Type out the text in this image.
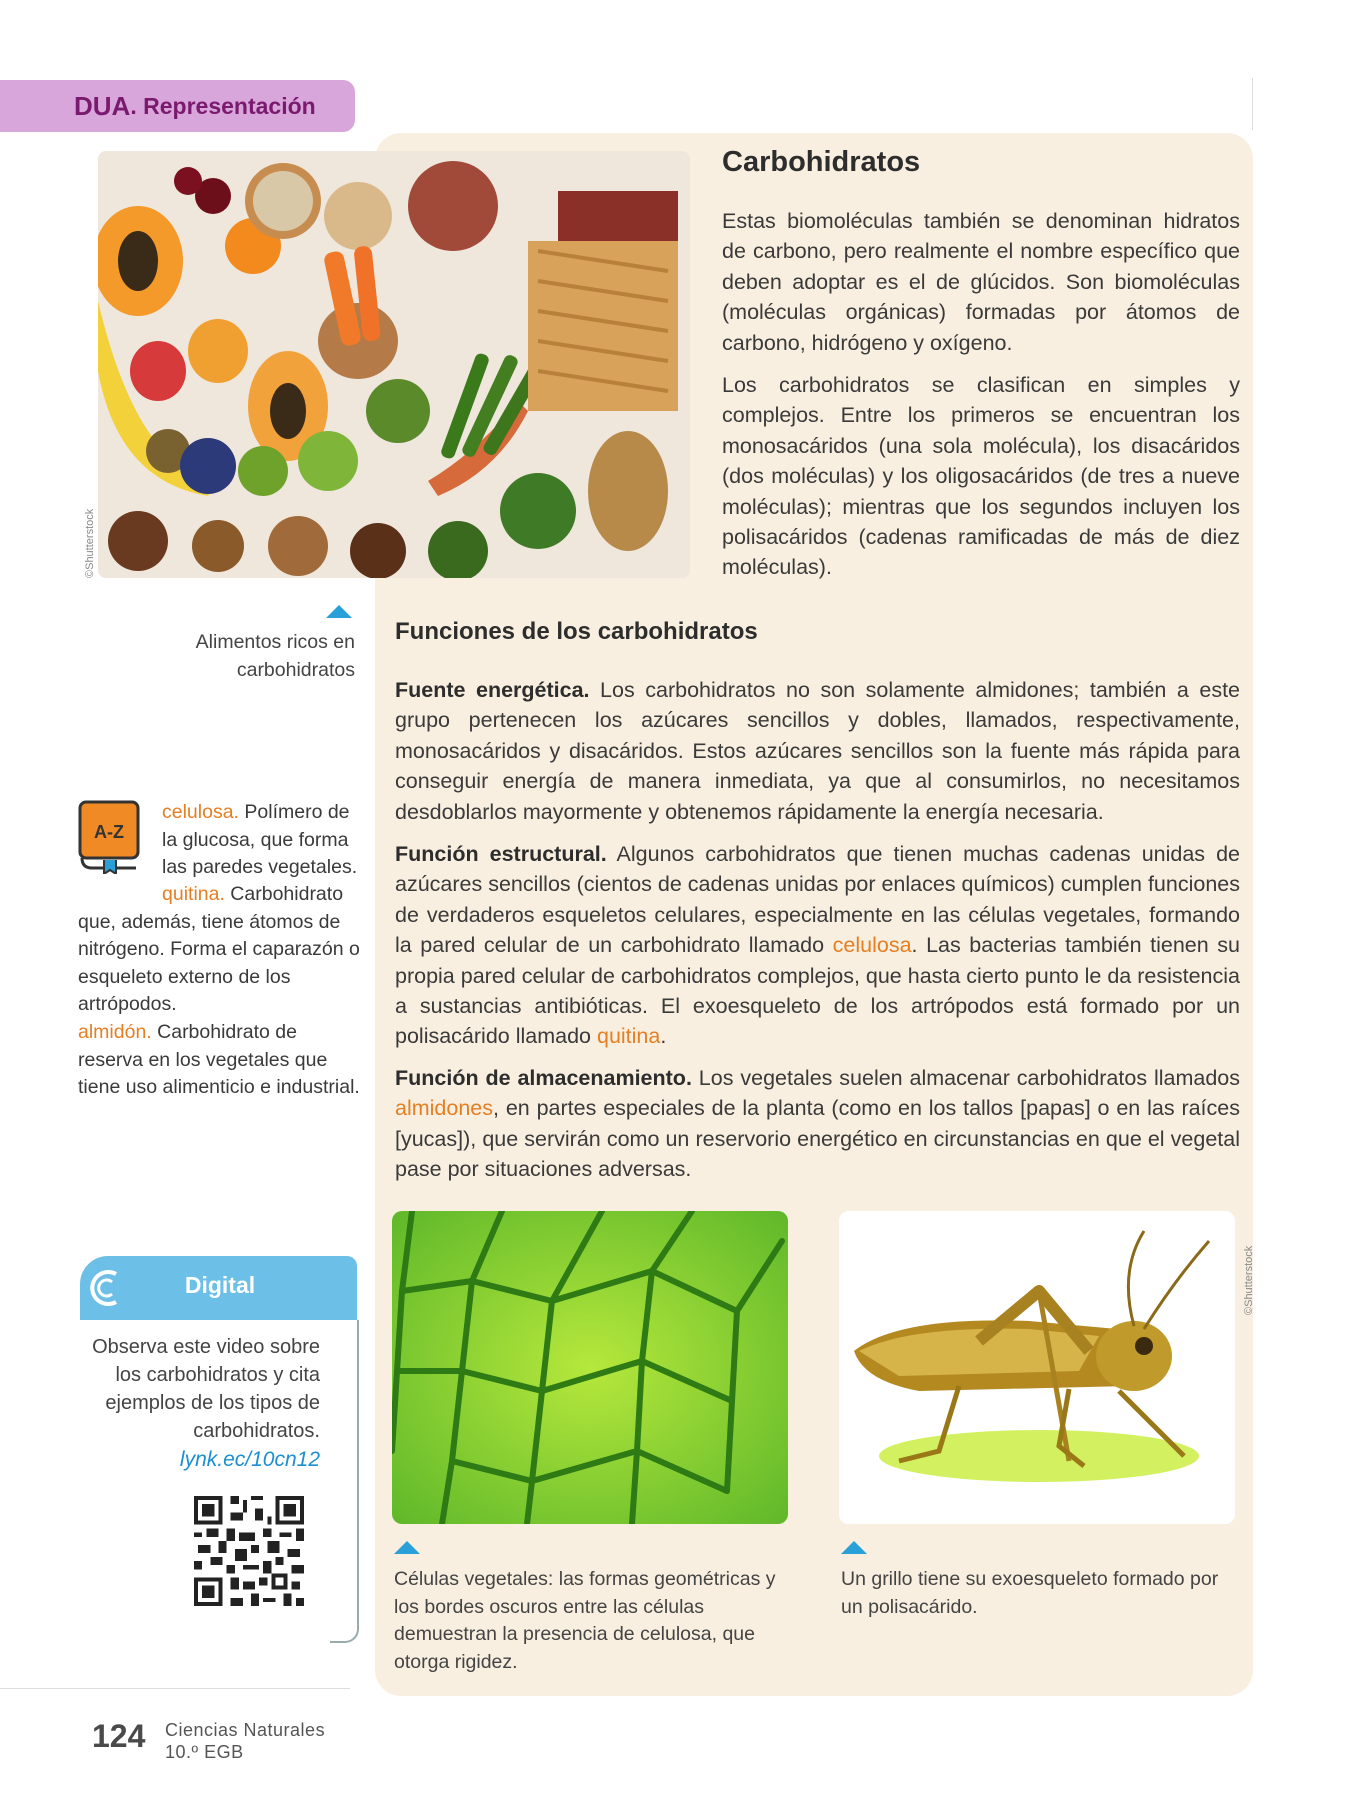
DUA . Representación
©Shutterstock
Alimentos ricos en
carbohidratos
Carbohidratos

Estas biomoléculas también se denominan hidratos de carbono, pero realmente el nombre específico que deben adoptar es el de glúcidos. Son biomoléculas (moléculas orgánicas) formadas por átomos de carbono, hidrógeno y oxígeno.

Los carbohidratos se clasifican en simples y complejos. Entre los primeros se encuentran los monosacáridos (una sola molécula), los disacáridos (dos moléculas) y los oligosacáridos (de tres a nueve moléculas); mientras que los segundos incluyen los polisacáridos (cadenas ramificadas de más de diez moléculas).

Funciones de los carbohidratos

Fuente energética. Los carbohidratos no son solamente almidones; también a este grupo pertenecen los azúcares sencillos y dobles, llamados, respectivamente, monosacáridos y disacáridos. Estos azúcares sencillos son la fuente más rápida para conseguir energía de manera inmediata, ya que al consumirlos, no necesitamos desdoblarlos mayormente y obtenemos rápidamente la energía necesaria.

Función estructural. Algunos carbohidratos que tienen muchas cadenas unidas de azúcares sencillos (cientos de cadenas unidas por enlaces químicos) cumplen funciones de verdaderos esqueletos celulares, especialmente en las células vegetales, formando la pared celular de un carbohidrato llamado celulosa. Las bacterias también tienen su propia pared celular de carbohidratos complejos, que hasta cierto punto le da resistencia a sustancias antibióticas. El exoesqueleto de los artrópodos está formado por un polisacárido llamado quitina.

Función de almacenamiento. Los vegetales suelen almacenar carbohidratos llamados almidones, en partes especiales de la planta (como en los tallos [papas] o en las raíces [yucas]), que servirán como un reservorio energético en circunstancias en que el vegetal pase por situaciones adversas.

A-Z
celulosa. Polímero de la glucosa, que forma las paredes vegetales.
quitina. Carbohidrato que, además, tiene átomos de nitrógeno. Forma el caparazón o esqueleto externo de los artrópodos.
almidón. Carbohidrato de reserva en los vegetales que tiene uso alimenticio e industrial.
Digital
Observa este video sobre los carbohidratos y cita ejemplos de los tipos de carbohidratos.
lynk.ec/10cn12
©Shutterstock
Células vegetales: las formas geométricas y los bordes oscuros entre las células demuestran la presencia de celulosa, que otorga rigidez.
Un grillo tiene su exoesqueleto formado por un polisacárido.
124 Ciencias Naturales
10.º EGB
